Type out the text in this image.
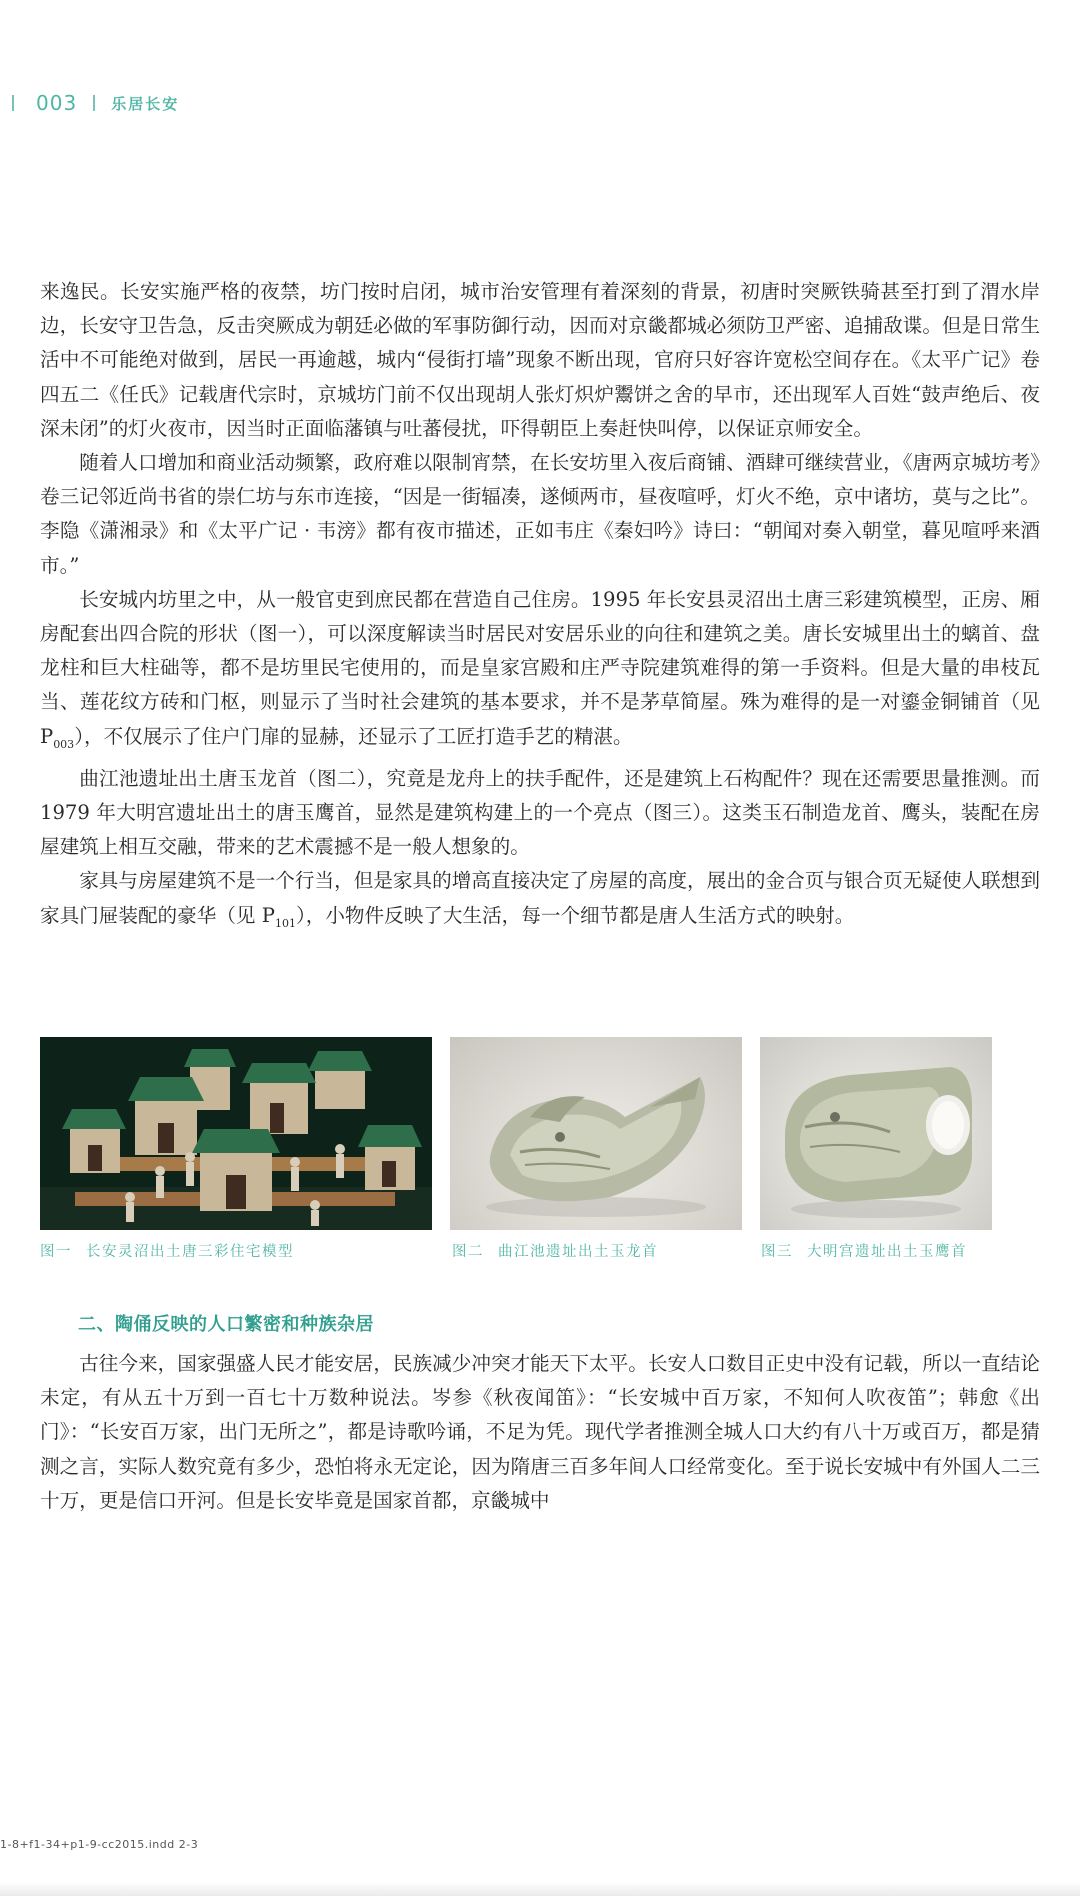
003 乐居长安

来逸民。长安实施严格的夜禁，坊门按时启闭，城市治安管理有着深刻的背景，初唐时突厥铁骑甚至打到了渭水岸边，长安守卫告急，反击突厥成为朝廷必做的军事防御行动，因而对京畿都城必须防卫严密、追捕敌谍。但是日常生活中不可能绝对做到，居民一再逾越，城内“侵街打墙”现象不断出现，官府只好容许宽松空间存在。《太平广记》卷四五二《任氏》记载唐代宗时，京城坊门前不仅出现胡人张灯炽炉鬻饼之舍的早市，还出现军人百姓“鼓声绝后、夜深未闭”的灯火夜市，因当时正面临藩镇与吐蕃侵扰，吓得朝臣上奏赶快叫停，以保证京师安全。

随着人口增加和商业活动频繁，政府难以限制宵禁，在长安坊里入夜后商铺、酒肆可继续营业，《唐两京城坊考》卷三记邻近尚书省的崇仁坊与东市连接，“因是一街辐凑，遂倾两市，昼夜喧呼，灯火不绝，京中诸坊，莫与之比”。李隐《潇湘录》和《太平广记 · 韦滂》都有夜市描述，正如韦庄《秦妇吟》诗曰：“朝闻对奏入朝堂，暮见喧呼来酒市。”

长安城内坊里之中，从一般官吏到庶民都在营造自己住房。1995 年长安县灵沼出土唐三彩建筑模型，正房、厢房配套出四合院的形状（图一），可以深度解读当时居民对安居乐业的向往和建筑之美。唐长安城里出土的螭首、盘龙柱和巨大柱础等，都不是坊里民宅使用的，而是皇家宫殿和庄严寺院建筑难得的第一手资料。但是大量的串枝瓦当、莲花纹方砖和门枢，则显示了当时社会建筑的基本要求，并不是茅草简屋。殊为难得的是一对鎏金铜铺首（见 $P_{003}$），不仅展示了住户门扉的显赫，还显示了工匠打造手艺的精湛。

曲江池遗址出土唐玉龙首（图二），究竟是龙舟上的扶手配件，还是建筑上石构配件？现在还需要思量推测。而 1979 年大明宫遗址出土的唐玉鹰首，显然是建筑构建上的一个亮点（图三）。这类玉石制造龙首、鹰头，装配在房屋建筑上相互交融，带来的艺术震撼不是一般人想象的。

家具与房屋建筑不是一个行当，但是家具的增高直接决定了房屋的高度，展出的金合页与银合页无疑使人联想到家具门屉装配的豪华（见 $P_{101}$），小物件反映了大生活，每一个细节都是唐人生活方式的映射。

图一 长安灵沼出土唐三彩住宅模型	图二 曲江池遗址出土玉龙首	图三 大明宫遗址出土玉鹰首
二、陶俑反映的人口繁密和种族杂居

古往今来，国家强盛人民才能安居，民族减少冲突才能天下太平。长安人口数目正史中没有记载，所以一直结论未定，有从五十万到一百七十万数种说法。岑参《秋夜闻笛》：“长安城中百万家，不知何人吹夜笛”；韩愈《出门》：“长安百万家，出门无所之”，都是诗歌吟诵，不足为凭。现代学者推测全城人口大约有八十万或百万，都是猜测之言，实际人数究竟有多少，恐怕将永无定论，因为隋唐三百多年间人口经常变化。至于说长安城中有外国人二三十万，更是信口开河。但是长安毕竟是国家首都，京畿城中

1-8+f1-34+p1-9-cc2015.indd 2-3
